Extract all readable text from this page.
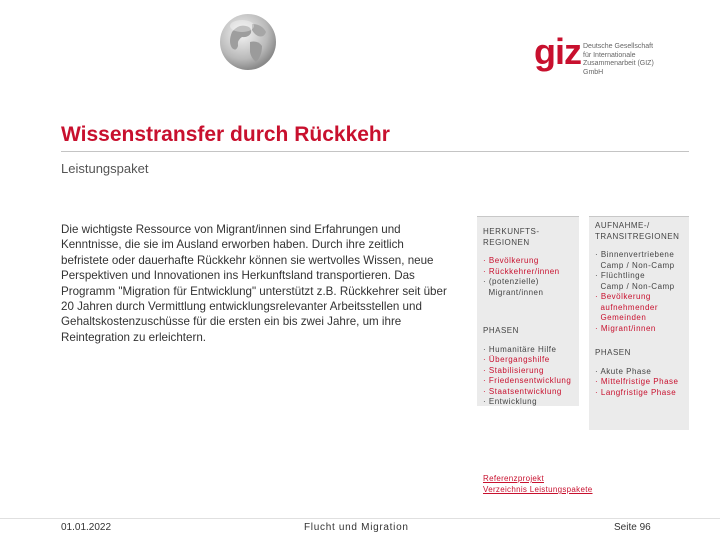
giz Deutsche Gesellschaft
für Internationale
Zusammenarbeit (GIZ) GmbH
Wissenstransfer durch Rückkehr
Leistungspaket
Die wichtigste Ressource von Migrant/innen sind Erfahrungen und Kenntnisse, die sie im Ausland erworben haben. Durch ihre zeitlich befristete oder dauerhafte Rückkehr können sie wertvolles Wissen, neue Perspektiven und Innovationen ins Herkunftsland transportieren. Das Programm "Migration für Entwicklung" unterstützt z.B. Rückkehrer seit über 20 Jahren durch Vermittlung entwicklungsrelevanter Arbeitsstellen und Gehaltskostenzuschüsse für die ersten ein bis zwei Jahre, um ihre Reintegration zu erleichtern.
HERKUNFTS-
REGIONEN
· Bevölkerung
· Rückkehrer/innen
· (potenzielle)
Migrant/innen
PHASEN
· Humanitäre Hilfe
· Übergangshilfe
· Stabilisierung
· Friedensentwicklung
· Staatsentwicklung
· Entwicklung
AUFNAHME-/
TRANSITREGIONEN
· Binnenvertriebene
Camp / Non-Camp
· Flüchtlinge
Camp / Non-Camp
· Bevölkerung
aufnehmender
Gemeinden
· Migrant/innen
PHASEN
· Akute Phase
· Mittelfristige Phase
· Langfristige Phase
Referenzprojekt
Verzeichnis Leistungspakete
01.01.2022	Flucht und Migration	Seite 96
